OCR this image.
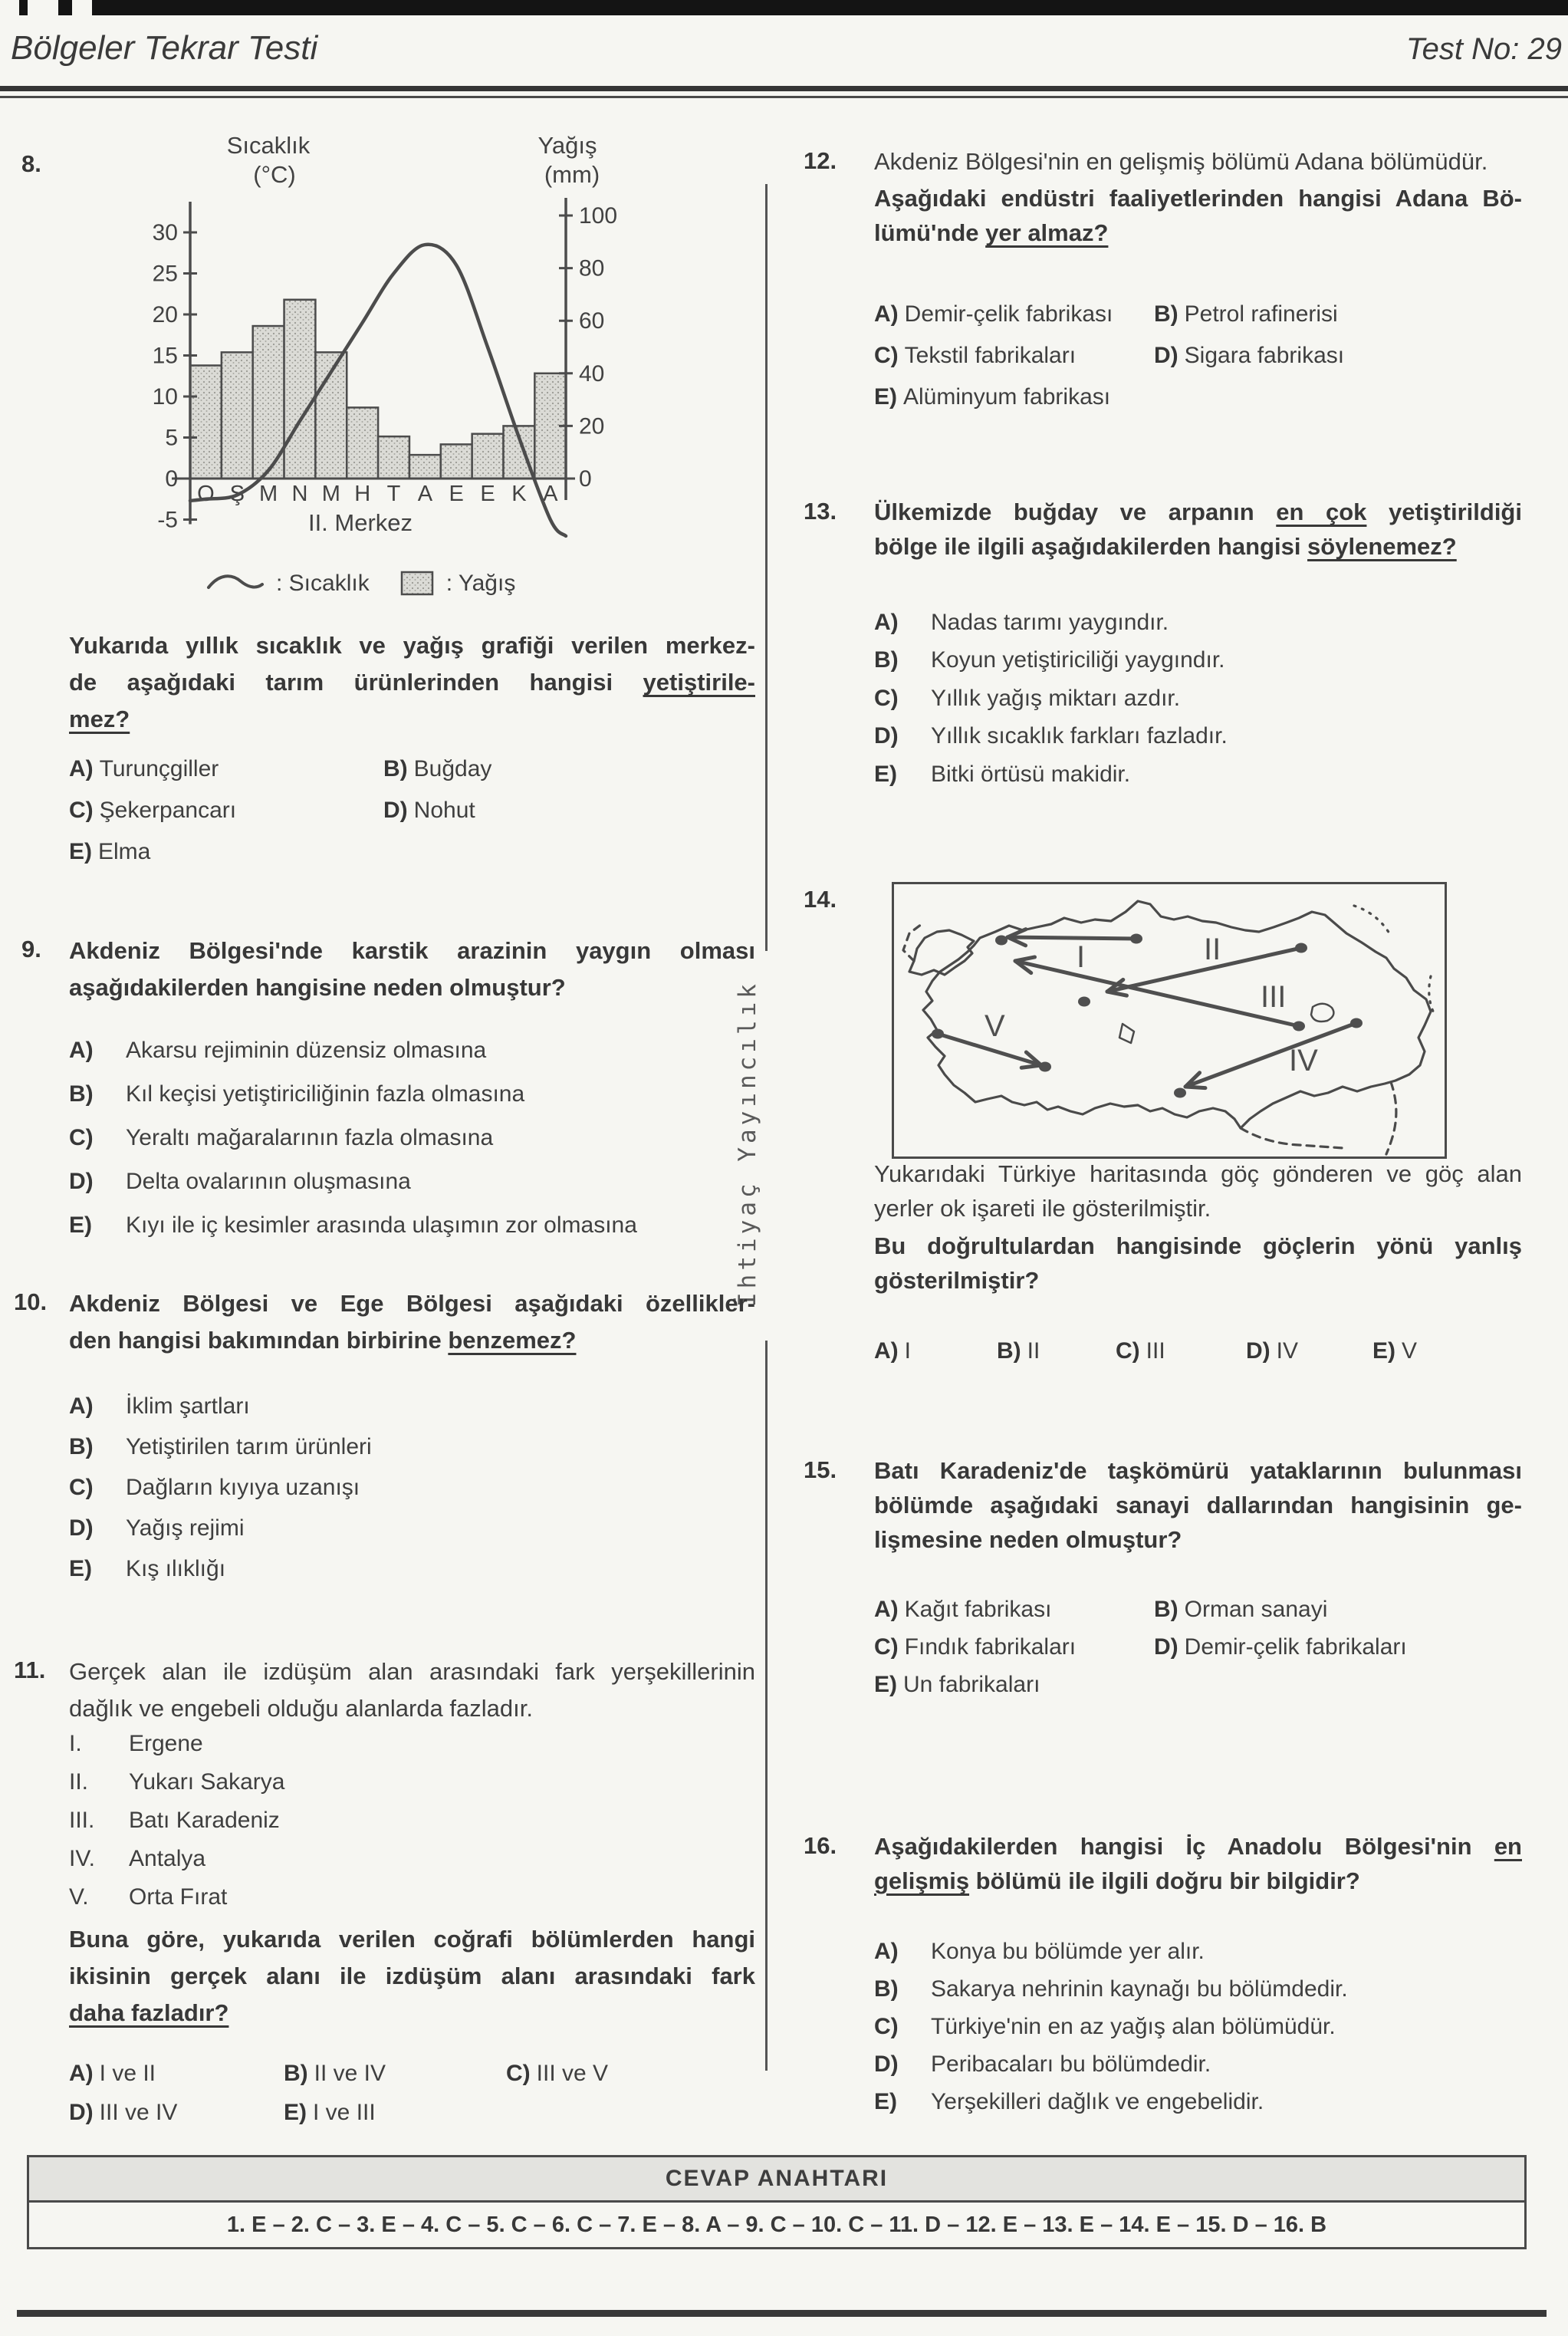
Bölgeler Tekrar Testi	Test No: 29
İhtiyaç Yayıncılık
8.
30
25
20
15
10
5
0
-5
100
80
60
40
20
0
O Ş M N M H T A E E K A
Sıcaklık
(°C)
Yağış
(mm)
II. Merkez
: Sıcaklık	: Yağış
Yukarıda yıllık sıcaklık ve yağış grafiği verilen merkez-
de aşağıdaki tarım ürünlerinden hangisi yetiştirile-
mez?
A) Turunçgiller	B) Buğday
C) Şekerpancarı	D) Nohut
E) Elma
9. Akdeniz Bölgesi'nde karstik arazinin yaygın olması
aşağıdakilerden hangisine neden olmuştur?
A) Akarsu rejiminin düzensiz olmasına
B) Kıl keçisi yetiştiriciliğinin fazla olmasına
C) Yeraltı mağaralarının fazla olmasına
D) Delta ovalarının oluşmasına
E) Kıyı ile iç kesimler arasında ulaşımın zor olmasına
10. Akdeniz Bölgesi ve Ege Bölgesi aşağıdaki özellikler-
den hangisi bakımından birbirine benzemez?
A) İklim şartları
B) Yetiştirilen tarım ürünleri
C) Dağların kıyıya uzanışı
D) Yağış rejimi
E) Kış ılıklığı
11. Gerçek alan ile izdüşüm alan arasındaki fark yerşekillerinin
dağlık ve engebeli olduğu alanlarda fazladır.
I. Ergene
II. Yukarı Sakarya
III. Batı Karadeniz
IV. Antalya
V. Orta Fırat
Buna göre, yukarıda verilen coğrafi bölümlerden hangi
ikisinin gerçek alanı ile izdüşüm alanı arasındaki fark
daha fazladır?
A) I ve II	B) II ve IV	C) III ve V
D) III ve IV	E) I ve III
12. Akdeniz Bölgesi'nin en gelişmiş bölümü Adana bölümüdür.
Aşağıdaki endüstri faaliyetlerinden hangisi Adana Bö-
lümü'nde yer almaz?
A) Demir-çelik fabrikası B) Petrol rafinerisi
C) Tekstil fabrikaları	D) Sigara fabrikası
E) Alüminyum fabrikası
13. Ülkemizde buğday ve arpanın en çok yetiştirildiği
bölge ile ilgili aşağıdakilerden hangisi söylenemez?
A) Nadas tarımı yaygındır.
B) Koyun yetiştiriciliği yaygındır.
C) Yıllık yağış miktarı azdır.
D) Yıllık sıcaklık farkları fazladır.
E) Bitki örtüsü makidir.
14.
I	II
III
IV
V
Yukarıdaki Türkiye haritasında göç gönderen ve göç alan
yerler ok işareti ile gösterilmiştir.
Bu doğrultulardan hangisinde göçlerin yönü yanlış
gösterilmiştir?
A) I	B) II	C) III	D) IV	E) V
15. Batı Karadeniz'de taşkömürü yataklarının bulunması
bölümde aşağıdaki sanayi dallarından hangisinin ge-
lişmesine neden olmuştur?
A) Kağıt fabrikası	B) Orman sanayi
C) Fındık fabrikaları	D) Demir-çelik fabrikaları
E) Un fabrikaları
16. Aşağıdakilerden hangisi İç Anadolu Bölgesi'nin en
gelişmiş bölümü ile ilgili doğru bir bilgidir?
A) Konya bu bölümde yer alır.
B) Sakarya nehrinin kaynağı bu bölümdedir.
C) Türkiye'nin en az yağış alan bölümüdür.
D) Peribacaları bu bölümdedir.
E) Yerşekilleri dağlık ve engebelidir.
CEVAP ANAHTARI
1. E – 2. C – 3. E – 4. C – 5. C – 6. C – 7. E – 8. A – 9. C – 10. C – 11. D – 12. E – 13. E – 14. E – 15. D – 16. B
